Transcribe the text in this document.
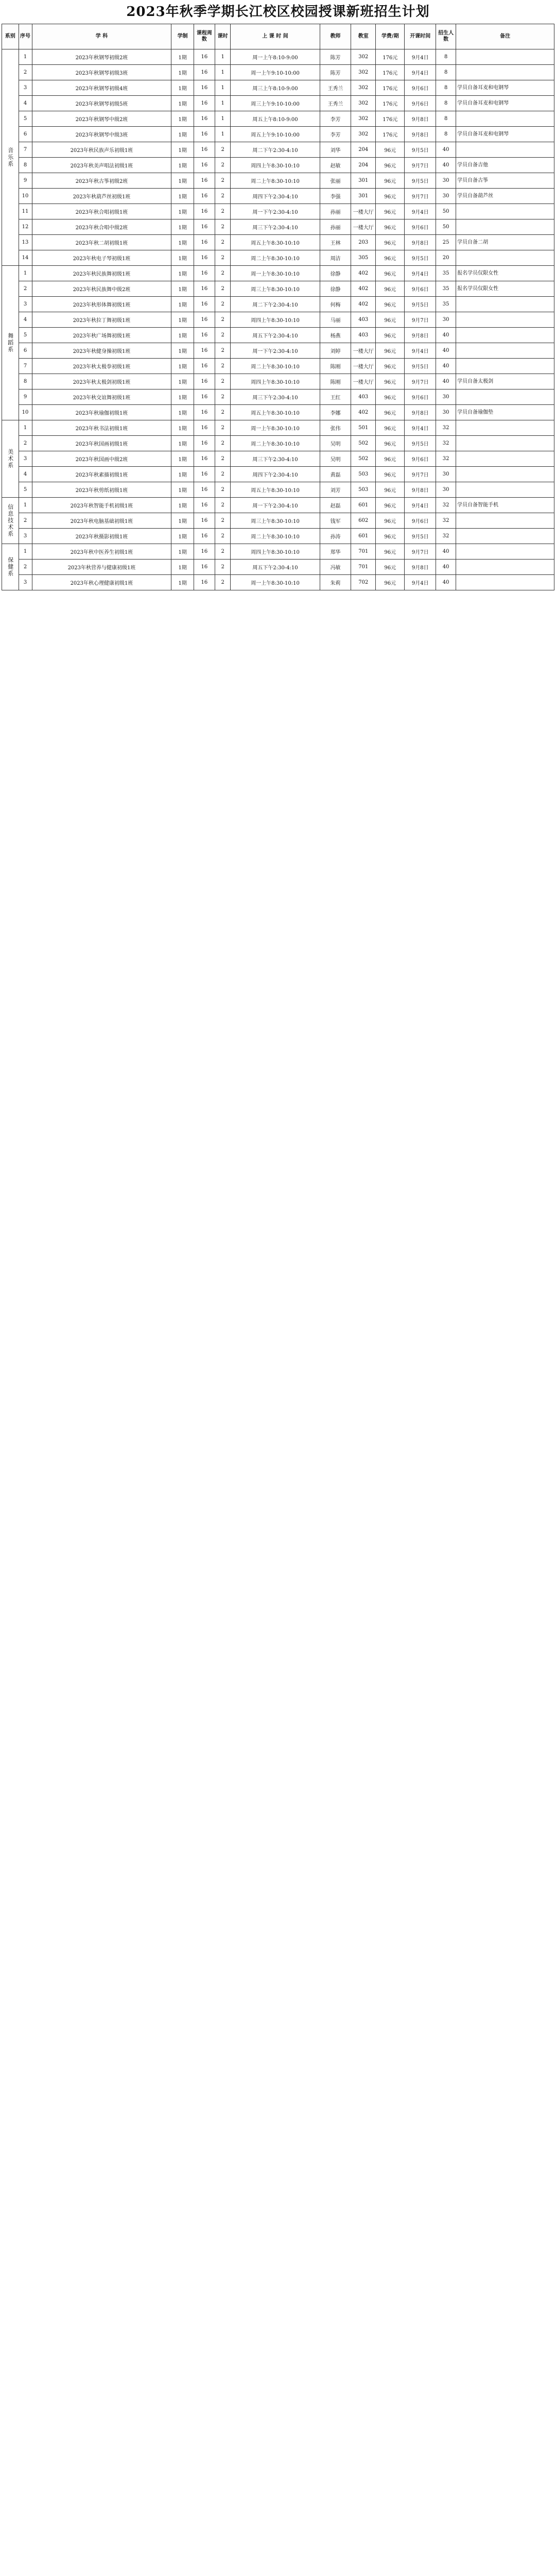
2023年秋季学期长江校区校园授课新班招生计划
系别	序号	学 科	学制	课程周数	课时	上 课 时 间	教师	教室	学费/期	开课时间	招生人数	备注
音乐系	1	2023年秋钢琴初级2班	1期	16	1	周一上午8:10-9:00	陈芳	302	176元	9月4日	8	
	2	2023年秋钢琴初级3班	1期	16	1	周一上午9:10-10:00	陈芳	302	176元	9月4日	8	
	3	2023年秋钢琴初级4班	1期	16	1	周三上午8:10-9:00	王秀兰	302	176元	9月6日	8	学员自备耳麦和电钢琴
	4	2023年秋钢琴初级5班	1期	16	1	周三上午9:10-10:00	王秀兰	302	176元	9月6日	8	学员自备耳麦和电钢琴
	5	2023年秋钢琴中级2班	1期	16	1	周五上午8:10-9:00	李芳	302	176元	9月8日	8	
	6	2023年秋钢琴中级3班	1期	16	1	周五上午9:10-10:00	李芳	302	176元	9月8日	8	学员自备耳麦和电钢琴
	7	2023年秋民族声乐初级1班	1期	16	2	周二下午2:30-4:10	刘华	204	96元	9月5日	40	
	8	2023年秋美声唱法初级1班	1期	16	2	周四上午8:30-10:10	赵敏	204	96元	9月7日	40	学员自备吉他
	9	2023年秋古筝初级2班	1期	16	2	周二上午8:30-10:10	张丽	301	96元	9月5日	30	学员自备古筝
	10	2023年秋葫芦丝初级1班	1期	16	2	周四下午2:30-4:10	李强	301	96元	9月7日	30	学员自备葫芦丝
	11	2023年秋合唱初级1班	1期	16	2	周一下午2:30-4:10	孙丽	一楼大厅	96元	9月4日	50	
	12	2023年秋合唱中级2班	1期	16	2	周三下午2:30-4:10	孙丽	一楼大厅	96元	9月6日	50	
	13	2023年秋二胡初级1班	1期	16	2	周五上午8:30-10:10	王林	203	96元	9月8日	25	学员自备二胡
	14	2023年秋电子琴初级1班	1期	16	2	周二上午8:30-10:10	周洁	305	96元	9月5日	20	
舞蹈系	1	2023年秋民族舞初级1班	1期	16	2	周一上午8:30-10:10	徐静	402	96元	9月4日	35	报名学员仅限女性
	2	2023年秋民族舞中级2班	1期	16	2	周三上午8:30-10:10	徐静	402	96元	9月6日	35	报名学员仅限女性
	3	2023年秋形体舞初级1班	1期	16	2	周二下午2:30-4:10	何梅	402	96元	9月5日	35	
	4	2023年秋拉丁舞初级1班	1期	16	2	周四上午8:30-10:10	马丽	403	96元	9月7日	30	
	5	2023年秋广场舞初级1班	1期	16	2	周五下午2:30-4:10	杨燕	403	96元	9月8日	40	
	6	2023年秋健身操初级1班	1期	16	2	周一下午2:30-4:10	刘婷	一楼大厅	96元	9月4日	40	
	7	2023年秋太极拳初级1班	1期	16	2	周二上午8:30-10:10	陈刚	一楼大厅	96元	9月5日	40	
	8	2023年秋太极剑初级1班	1期	16	2	周四上午8:30-10:10	陈刚	一楼大厅	96元	9月7日	40	学员自备太极剑
	9	2023年秋交谊舞初级1班	1期	16	2	周三下午2:30-4:10	王红	403	96元	9月6日	30	
	10	2023年秋瑜伽初级1班	1期	16	2	周五上午8:30-10:10	李娜	402	96元	9月8日	30	学员自备瑜伽垫
美术系	1	2023年秋书法初级1班	1期	16	2	周一上午8:30-10:10	张伟	501	96元	9月4日	32	
	2	2023年秋国画初级1班	1期	16	2	周二上午8:30-10:10	吴明	502	96元	9月5日	32	
	3	2023年秋国画中级2班	1期	16	2	周三下午2:30-4:10	吴明	502	96元	9月6日	32	
	4	2023年秋素描初级1班	1期	16	2	周四下午2:30-4:10	黄磊	503	96元	9月7日	30	
	5	2023年秋剪纸初级1班	1期	16	2	周五上午8:30-10:10	刘芳	503	96元	9月8日	30	
信息技术系	1	2023年秋智能手机初级1班	1期	16	2	周一下午2:30-4:10	赵磊	601	96元	9月4日	32	学员自备智能手机
	2	2023年秋电脑基础初级1班	1期	16	2	周三上午8:30-10:10	钱军	602	96元	9月6日	32	
	3	2023年秋摄影初级1班	1期	16	2	周二上午8:30-10:10	孙涛	601	96元	9月5日	32	
保健系	1	2023年秋中医养生初级1班	1期	16	2	周四上午8:30-10:10	郑华	701	96元	9月7日	40	
	2	2023年秋营养与健康初级1班	1期	16	2	周五下午2:30-4:10	冯敏	701	96元	9月8日	40	
	3	2023年秋心理健康初级1班	1期	16	2	周一上午8:30-10:10	朱莉	702	96元	9月4日	40	
